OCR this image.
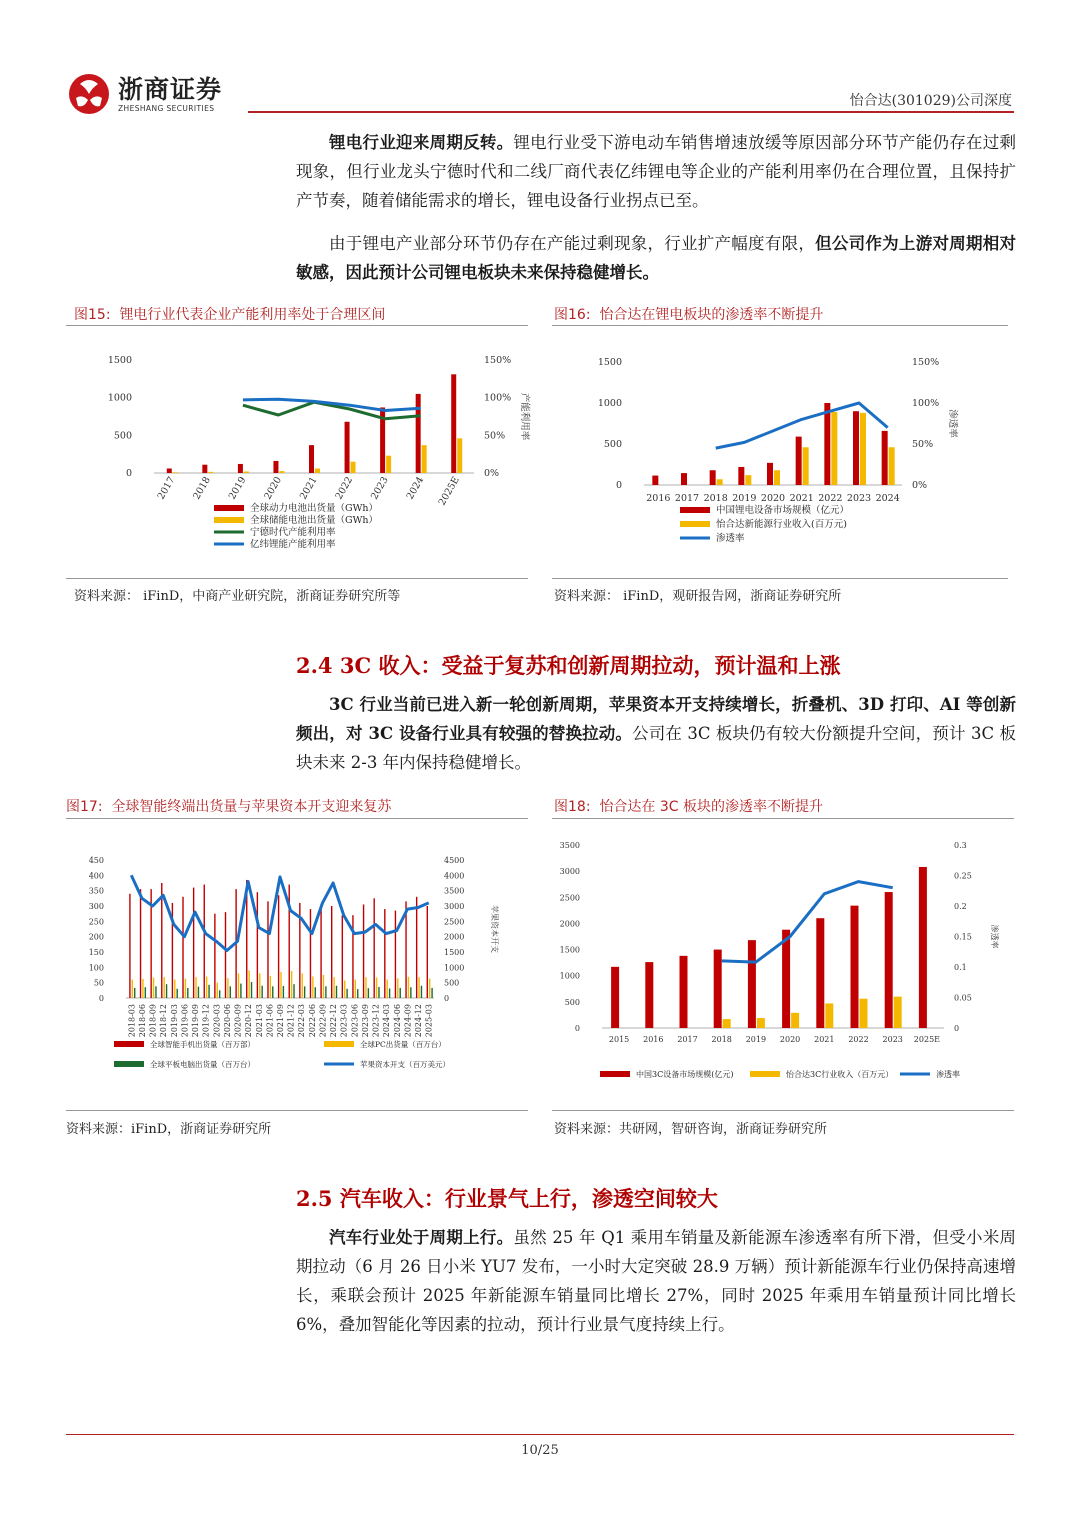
浙商证券
ZHESHANG SECURITIES	怡合达(301029)公司深度
锂电行业迎来周期反转。锂电行业受下游电动车销售增速放缓等原因部分环节产能仍存在过剩现象，但行业龙头宁德时代和二线厂商代表亿纬锂电等企业的产能利用率仍在合理位置，且保持扩产节奏，随着储能需求的增长，锂电设备行业拐点已至。
由于锂电产业部分环节仍存在产能过剩现象，行业扩产幅度有限，但公司作为上游对周期相对敏感，因此预计公司锂电板块未来保持稳健增长。
图15: 锂电行业代表企业产能利用率处于合理区间
0
500
1000
1500
0%
50%
100%
150%
产能利用率
2017 2018 2019 2020 2021 2022 2023 2024 2025E
全球动力电池出货量（GWh）
全球储能电池出货量（GWh）
宁德时代产能利用率
亿纬锂能产能利用率
资料来源： iFinD，中商产业研究院，浙商证券研究所等
图16: 怡合达在锂电板块的渗透率不断提升
0
500
1000
1500
0%
50%
100%
150%
渗透率
2016 2017 2018 2019 2020 2021 2022 2023 2024
中国锂电设备市场规模（亿元）
怡合达新能源行业收入(百万元)
渗透率
资料来源： iFinD，观研报告网，浙商证券研究所
2.4 3C 收入：受益于复苏和创新周期拉动，预计温和上涨
3C 行业当前已进入新一轮创新周期，苹果资本开支持续增长，折叠机、3D 打印、AI 等创新频出，对 3C 设备行业具有较强的替换拉动。公司在 3C 板块仍有较大份额提升空间，预计 3C 板块未来 2-3 年内保持稳健增长。
图17: 全球智能终端出货量与苹果资本开支迎来复苏
0
50
100
150
200
250
300
350
400
450
0
500
1000
1500
2000
2500
3000
3500
4000
4500
苹果资本开支
2018-03 2018-06 2018-09 2018-12 2019-03 2019-06 2019-09 2019-12 2020-03 2020-06 2020-09 2020-12 2021-03 2021-06 2021-09 2021-12 2022-03 2022-06 2022-09 2022-12 2023-03 2023-06 2023-09 2023-12 2024-03 2024-06 2024-09 2024-12 2025-03
全球智能手机出货量（百万部）	全球PC出货量（百万台）
全球平板电脑出货量（百万台）	苹果资本开支（百万美元）
资料来源：iFinD，浙商证券研究所
图18: 怡合达在 3C 板块的渗透率不断提升
0
500
1000
1500
2000
2500
3000
3500
0
0.05
0.1
0.15
0.2
0.25
0.3
渗透率
2015 2016 2017 2018 2019 2020 2021 2022 2023 2025E
中国3C设备市场规模(亿元)	怡合达3C行业收入（百万元）	渗透率
资料来源：共研网，智研咨询，浙商证券研究所
2.5 汽车收入：行业景气上行，渗透空间较大
汽车行业处于周期上行。虽然 25 年 Q1 乘用车销量及新能源车渗透率有所下滑，但受小米周期拉动（6 月 26 日小米 YU7 发布，一小时大定突破 28.9 万辆）预计新能源车行业仍保持高速增长，乘联会预计 2025 年新能源车销量同比增长 27%，同时 2025 年乘用车销量预计同比增长 6%，叠加智能化等因素的拉动，预计行业景气度持续上行。
10/25
